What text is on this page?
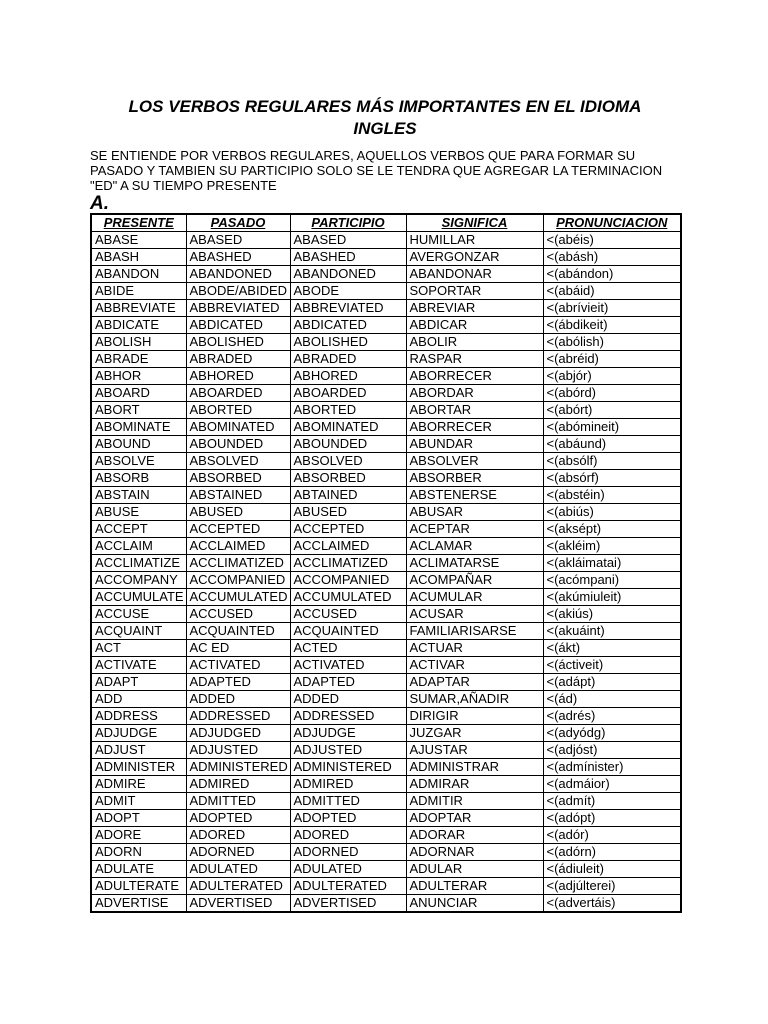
LOS VERBOS REGULARES MÁS IMPORTANTES EN EL IDIOMA
INGLES

SE ENTIENDE POR VERBOS REGULARES, AQUELLOS VERBOS QUE PARA FORMAR SU PASADO Y TAMBIEN SU PARTICIPIO SOLO SE LE TENDRA QUE AGREGAR LA TERMINACION "ED" A SU TIEMPO PRESENTE

A.
PRESENTE	PASADO	PARTICIPIO	SIGNIFICA	PRONUNCIACION
ABASE	ABASED	ABASED	HUMILLAR	<(abéis)
ABASH	ABASHED	ABASHED	AVERGONZAR	<(abásh)
ABANDON	ABANDONED	ABANDONED	ABANDONAR	<(abándon)
ABIDE	ABODE/ABIDED	ABODE	SOPORTAR	<(abáid)
ABBREVIATE	ABBREVIATED	ABBREVIATED	ABREVIAR	<(abrívieit)
ABDICATE	ABDICATED	ABDICATED	ABDICAR	<(ábdikeit)
ABOLISH	ABOLISHED	ABOLISHED	ABOLIR	<(abólish)
ABRADE	ABRADED	ABRADED	RASPAR	<(abréid)
ABHOR	ABHORED	ABHORED	ABORRECER	<(abjór)
ABOARD	ABOARDED	ABOARDED	ABORDAR	<(abórd)
ABORT	ABORTED	ABORTED	ABORTAR	<(abórt)
ABOMINATE	ABOMINATED	ABOMINATED	ABORRECER	<(abómineit)
ABOUND	ABOUNDED	ABOUNDED	ABUNDAR	<(abáund)
ABSOLVE	ABSOLVED	ABSOLVED	ABSOLVER	<(absólf)
ABSORB	ABSORBED	ABSORBED	ABSORBER	<(absórf)
ABSTAIN	ABSTAINED	ABTAINED	ABSTENERSE	<(abstéin)
ABUSE	ABUSED	ABUSED	ABUSAR	<(abiús)
ACCEPT	ACCEPTED	ACCEPTED	ACEPTAR	<(aksépt)
ACCLAIM	ACCLAIMED	ACCLAIMED	ACLAMAR	<(akléim)
ACCLIMATIZE	ACCLIMATIZED	ACCLIMATIZED	ACLIMATARSE	<(akláimatai)
ACCOMPANY	ACCOMPANIED	ACCOMPANIED	ACOMPAÑAR	<(acómpani)
ACCUMULATE	ACCUMULATED	ACCUMULATED	ACUMULAR	<(akúmiuleit)
ACCUSE	ACCUSED	ACCUSED	ACUSAR	<(akiús)
ACQUAINT	ACQUAINTED	ACQUAINTED	FAMILIARISARSE	<(akuáint)
ACT	AC ED	ACTED	ACTUAR	<(ákt)
ACTIVATE	ACTIVATED	ACTIVATED	ACTIVAR	<(áctiveit)
ADAPT	ADAPTED	ADAPTED	ADAPTAR	<(adápt)
ADD	ADDED	ADDED	SUMAR,AÑADIR	<(ád)
ADDRESS	ADDRESSED	ADDRESSED	DIRIGIR	<(adrés)
ADJUDGE	ADJUDGED	ADJUDGE	JUZGAR	<(adyódg)
ADJUST	ADJUSTED	ADJUSTED	AJUSTAR	<(adjóst)
ADMINISTER	ADMINISTERED	ADMINISTERED	ADMINISTRAR	<(admínister)
ADMIRE	ADMIRED	ADMIRED	ADMIRAR	<(admáior)
ADMIT	ADMITTED	ADMITTED	ADMITIR	<(admít)
ADOPT	ADOPTED	ADOPTED	ADOPTAR	<(adópt)
ADORE	ADORED	ADORED	ADORAR	<(adór)
ADORN	ADORNED	ADORNED	ADORNAR	<(adórn)
ADULATE	ADULATED	ADULATED	ADULAR	<(ádiuleit)
ADULTERATE	ADULTERATED	ADULTERATED	ADULTERAR	<(adjúlterei)
ADVERTISE	ADVERTISED	ADVERTISED	ANUNCIAR	<(advertáis)
